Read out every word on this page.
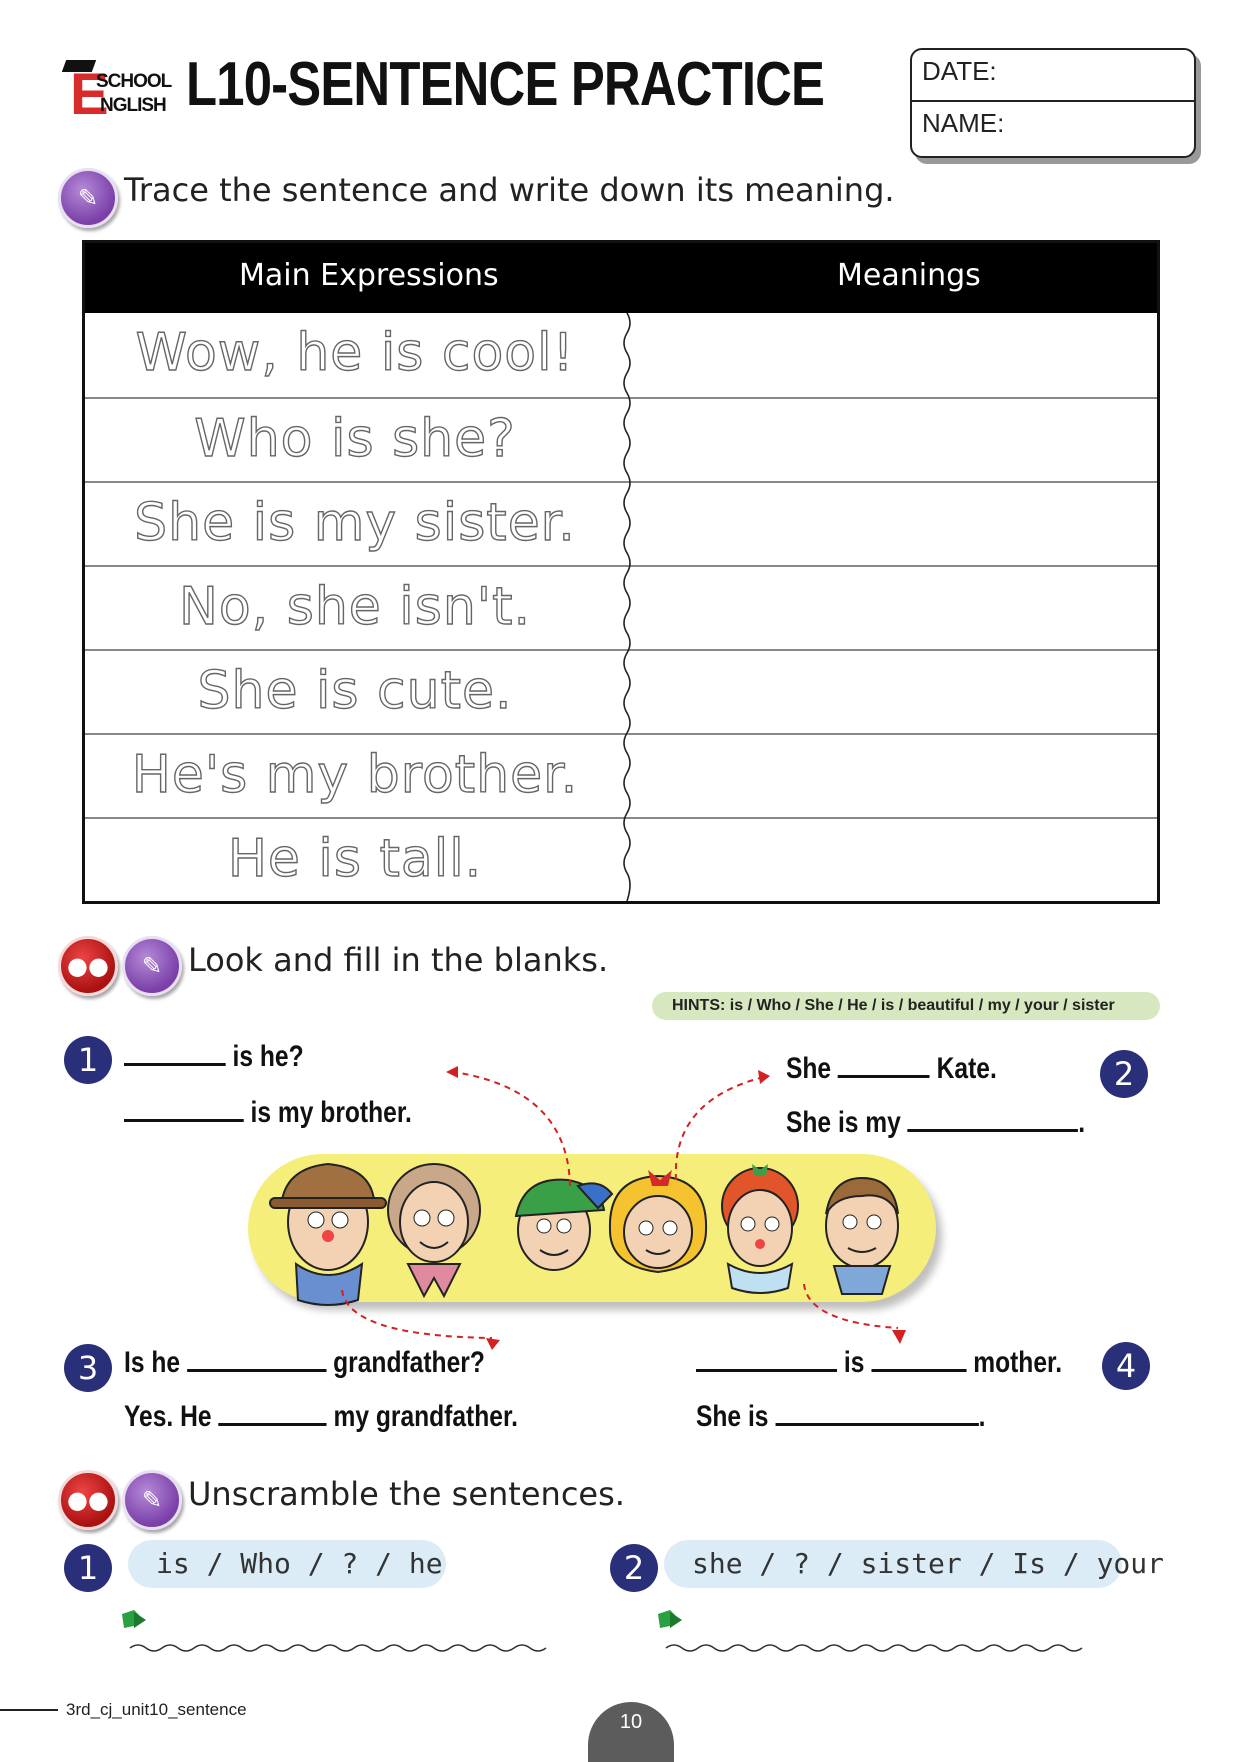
E
SCHOOL
NGLISH L10-SENTENCE PRACTICE	DATE:
NAME:
✎ Trace the sentence and write down its meaning.
Main Expressions	Meanings
Wow, he is cool!
Who is she?
She is my sister.
No, she isn't.
She is cute.
He's my brother.
He is tall.
●● ✎ Look and fill in the blanks.
HINTS: is / Who / She / He / is / beautiful / my / your / sister
1	is he?
is my brother.
She	Kate.
She is my	.
2
3 Is he	grandfather?
Yes. He	my grandfather.
is	mother.
She is	.
4
●● ✎ Unscramble the sentences.
1	is / Who / ? / he	2	she / ? / sister / Is / your
3rd_cj_unit10_sentence
10
